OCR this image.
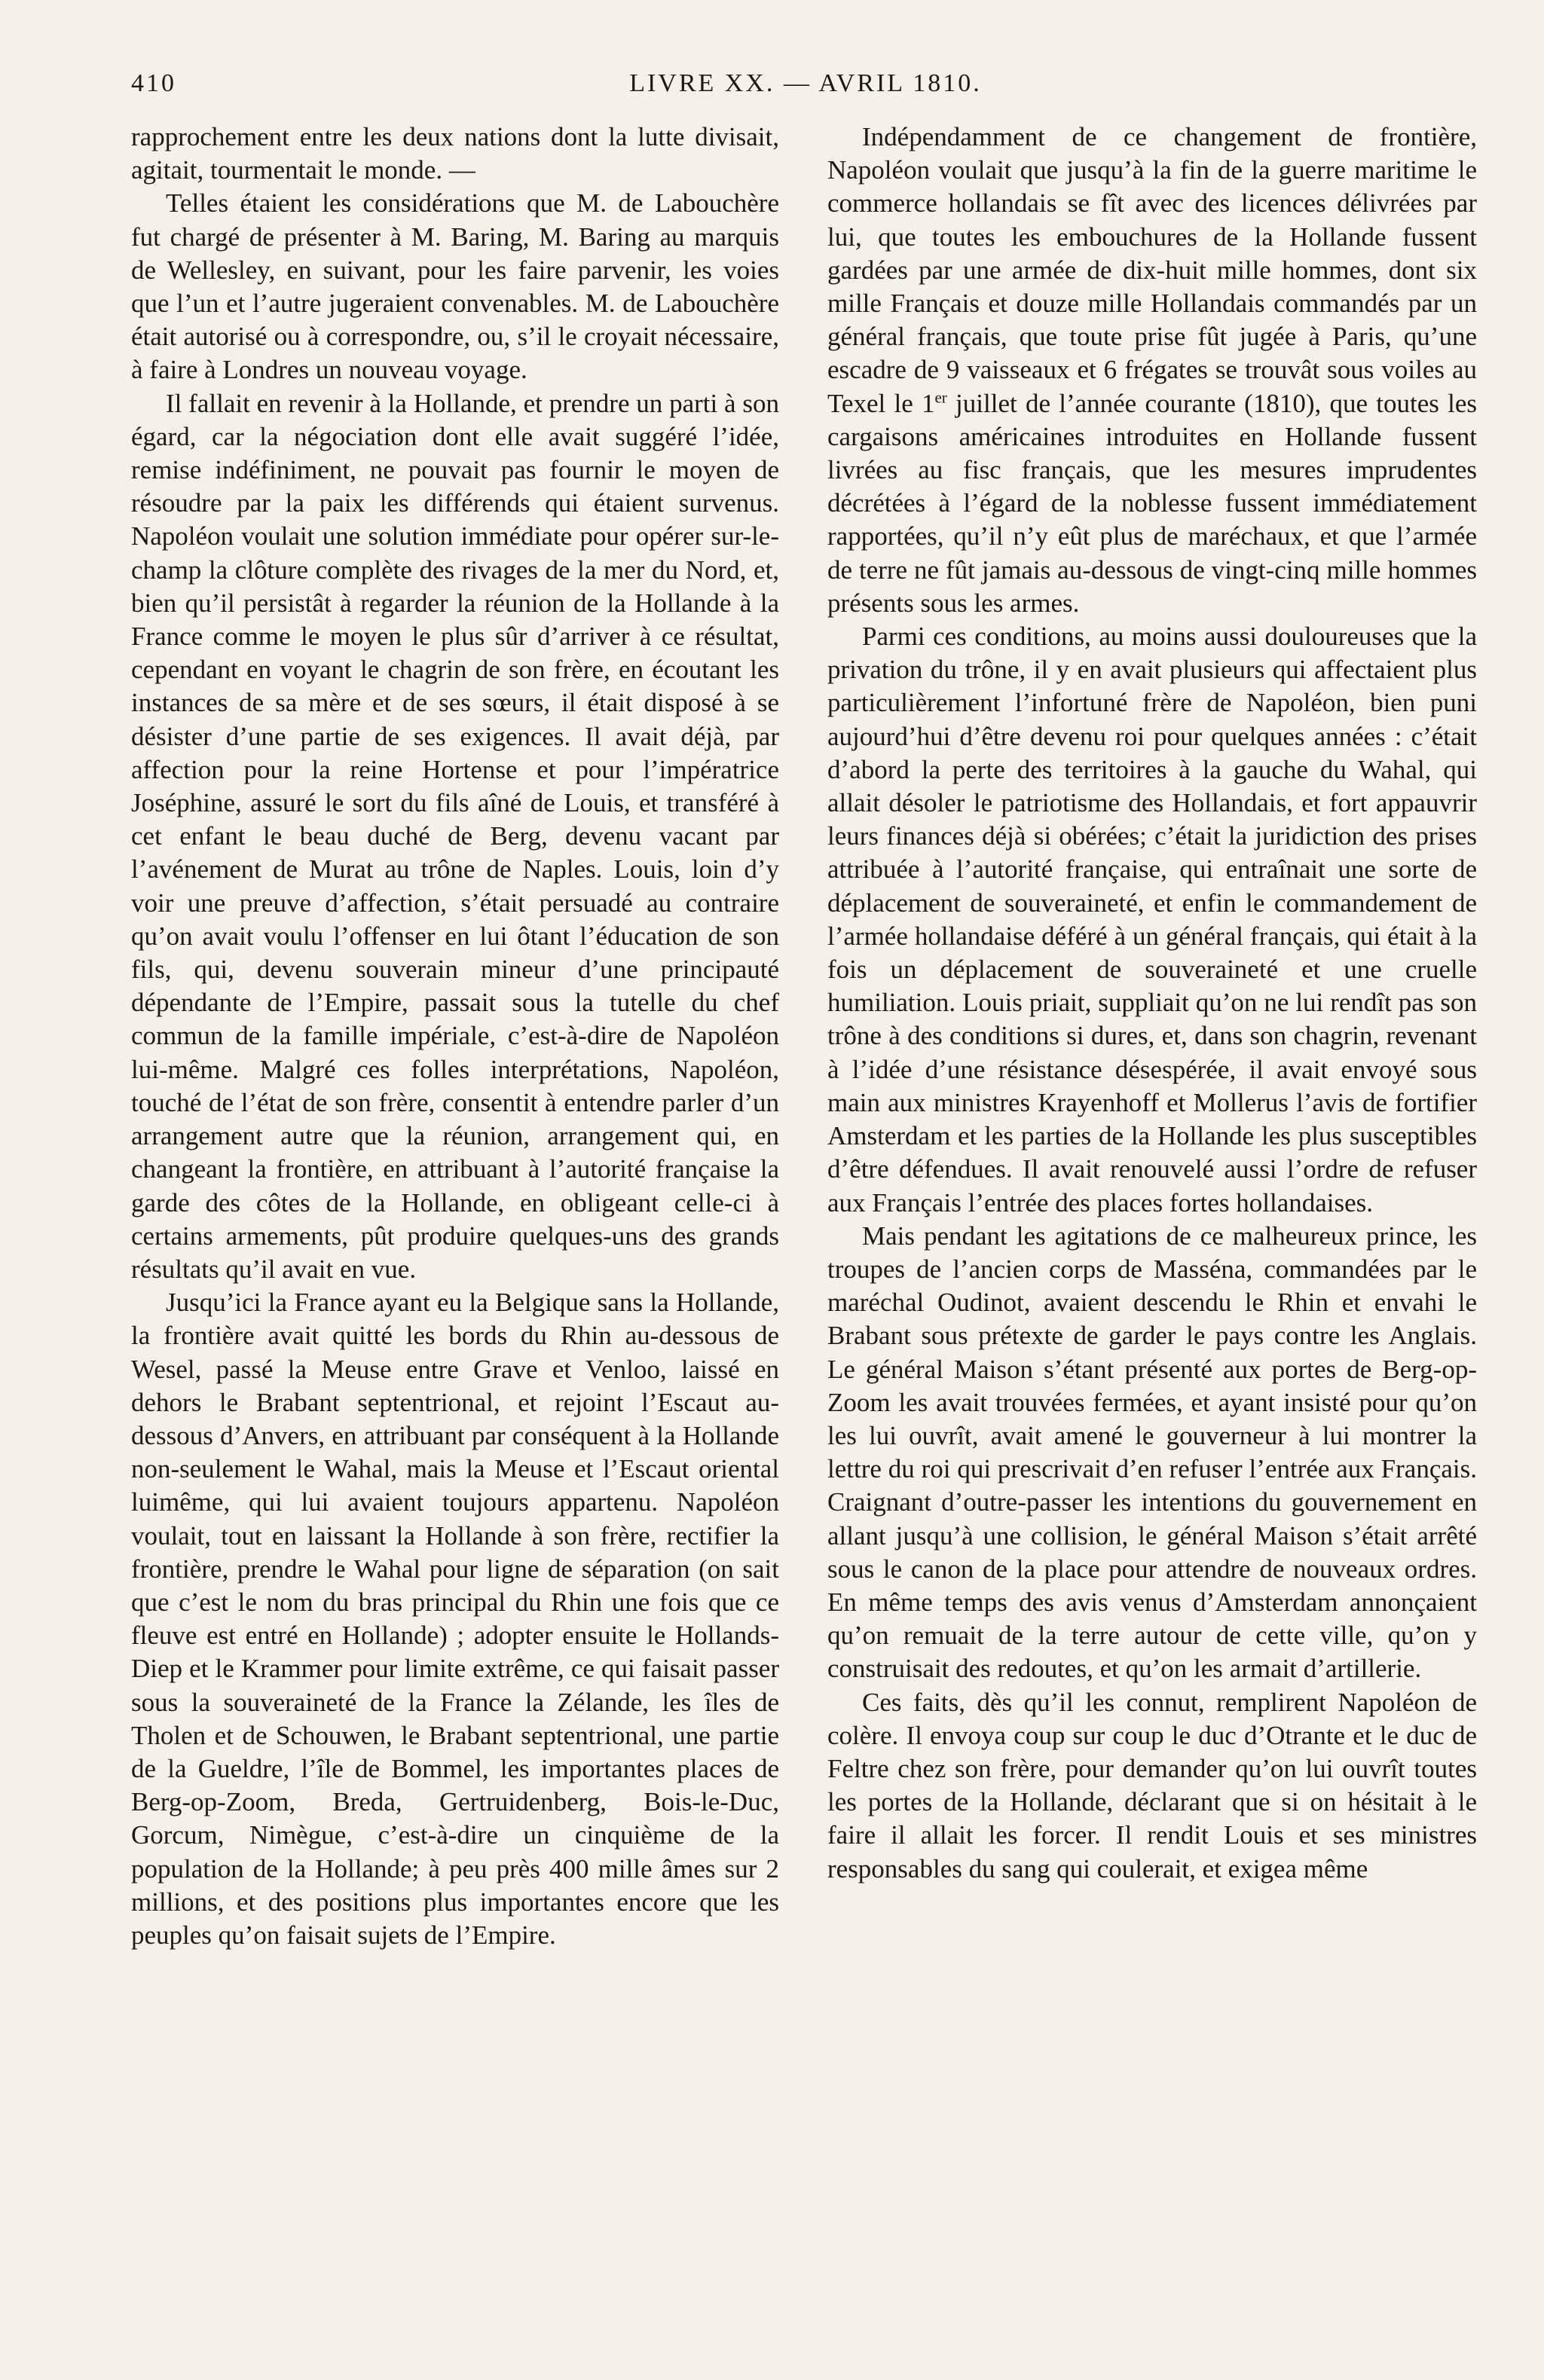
410	LIVRE XX. — AVRIL 1810.

rapprochement entre les deux nations dont la lutte divisait, agitait, tourmentait le monde. —

Telles étaient les considérations que M. de Labouchère fut chargé de présenter à M. Baring, M. Baring au marquis de Wellesley, en suivant, pour les faire parvenir, les voies que l’un et l’autre jugeraient convenables. M. de Labouchère était autorisé ou à correspondre, ou, s’il le croyait nécessaire, à faire à Londres un nouveau voyage.

Il fallait en revenir à la Hollande, et prendre un parti à son égard, car la négociation dont elle avait suggéré l’idée, remise indéfiniment, ne pouvait pas fournir le moyen de résoudre par la paix les différends qui étaient survenus. Napoléon voulait une solution immédiate pour opérer sur-le-champ la clôture complète des rivages de la mer du Nord, et, bien qu’il persistât à regarder la réunion de la Hollande à la France comme le moyen le plus sûr d’arriver à ce résultat, cependant en voyant le chagrin de son frère, en écoutant les instances de sa mère et de ses sœurs, il était disposé à se désister d’une partie de ses exigences. Il avait déjà, par affection pour la reine Hortense et pour l’impératrice Joséphine, assuré le sort du fils aîné de Louis, et transféré à cet enfant le beau duché de Berg, devenu vacant par l’avénement de Murat au trône de Naples. Louis, loin d’y voir une preuve d’affection, s’était persuadé au contraire qu’on avait voulu l’offenser en lui ôtant l’éducation de son fils, qui, devenu souverain mineur d’une principauté dépendante de l’Empire, passait sous la tutelle du chef commun de la famille impériale, c’est-à-dire de Napoléon lui-même. Malgré ces folles interprétations, Napoléon, touché de l’état de son frère, consentit à entendre parler d’un arrangement autre que la réunion, arrangement qui, en changeant la frontière, en attribuant à l’autorité française la garde des côtes de la Hollande, en obligeant celle-ci à certains armements, pût produire quelques-uns des grands résultats qu’il avait en vue.

Jusqu’ici la France ayant eu la Belgique sans la Hollande, la frontière avait quitté les bords du Rhin au-dessous de Wesel, passé la Meuse entre Grave et Venloo, laissé en dehors le Brabant septentrional, et rejoint l’Escaut au-dessous d’Anvers, en attribuant par conséquent à la Hollande non-seulement le Wahal, mais la Meuse et l’Escaut oriental luimême, qui lui avaient toujours appartenu. Napoléon voulait, tout en laissant la Hollande à son frère, rectifier la frontière, prendre le Wahal pour ligne de séparation (on sait que c’est le nom du bras principal du Rhin une fois que ce fleuve est entré en Hollande) ; adopter ensuite le Hollands-Diep et le Krammer pour limite extrême, ce qui faisait passer sous la souveraineté de la France la Zélande, les îles de Tholen et de Schouwen, le Brabant septentrional, une partie de la Gueldre, l’île de Bommel, les importantes places de Berg-op-Zoom, Breda, Gertruidenberg, Bois-le-Duc, Gorcum, Nimègue, c’est-à-dire un cinquième de la population de la Hollande; à peu près 400 mille âmes sur 2 millions, et des positions plus importantes encore que les peuples qu’on faisait sujets de l’Empire.

Indépendamment de ce changement de frontière, Napoléon voulait que jusqu’à la fin de la guerre maritime le commerce hollandais se fît avec des licences délivrées par lui, que toutes les embouchures de la Hollande fussent gardées par une armée de dix-huit mille hommes, dont six mille Français et douze mille Hollandais commandés par un général français, que toute prise fût jugée à Paris, qu’une escadre de 9 vaisseaux et 6 frégates se trouvât sous voiles au Texel le 1er juillet de l’année courante (1810), que toutes les cargaisons américaines introduites en Hollande fussent livrées au fisc français, que les mesures imprudentes décrétées à l’égard de la noblesse fussent immédiatement rapportées, qu’il n’y eût plus de maréchaux, et que l’armée de terre ne fût jamais au-dessous de vingt-cinq mille hommes présents sous les armes.

Parmi ces conditions, au moins aussi douloureuses que la privation du trône, il y en avait plusieurs qui affectaient plus particulièrement l’infortuné frère de Napoléon, bien puni aujourd’hui d’être devenu roi pour quelques années : c’était d’abord la perte des territoires à la gauche du Wahal, qui allait désoler le patriotisme des Hollandais, et fort appauvrir leurs finances déjà si obérées; c’était la juridiction des prises attribuée à l’autorité française, qui entraînait une sorte de déplacement de souveraineté, et enfin le commandement de l’armée hollandaise déféré à un général français, qui était à la fois un déplacement de souveraineté et une cruelle humiliation. Louis priait, suppliait qu’on ne lui rendît pas son trône à des conditions si dures, et, dans son chagrin, revenant à l’idée d’une résistance désespérée, il avait envoyé sous main aux ministres Krayenhoff et Mollerus l’avis de fortifier Amsterdam et les parties de la Hollande les plus susceptibles d’être défendues. Il avait renouvelé aussi l’ordre de refuser aux Français l’entrée des places fortes hollandaises.

Mais pendant les agitations de ce malheureux prince, les troupes de l’ancien corps de Masséna, commandées par le maréchal Oudinot, avaient descendu le Rhin et envahi le Brabant sous prétexte de garder le pays contre les Anglais. Le général Maison s’étant présenté aux portes de Berg-op-Zoom les avait trouvées fermées, et ayant insisté pour qu’on les lui ouvrît, avait amené le gouverneur à lui montrer la lettre du roi qui prescrivait d’en refuser l’entrée aux Français. Craignant d’outre-passer les intentions du gouvernement en allant jusqu’à une collision, le général Maison s’était arrêté sous le canon de la place pour attendre de nouveaux ordres. En même temps des avis venus d’Amsterdam annonçaient qu’on remuait de la terre autour de cette ville, qu’on y construisait des redoutes, et qu’on les armait d’artillerie.

Ces faits, dès qu’il les connut, remplirent Napoléon de colère. Il envoya coup sur coup le duc d’Otrante et le duc de Feltre chez son frère, pour demander qu’on lui ouvrît toutes les portes de la Hollande, déclarant que si on hésitait à le faire il allait les forcer. Il rendit Louis et ses ministres responsables du sang qui coulerait, et exigea même
